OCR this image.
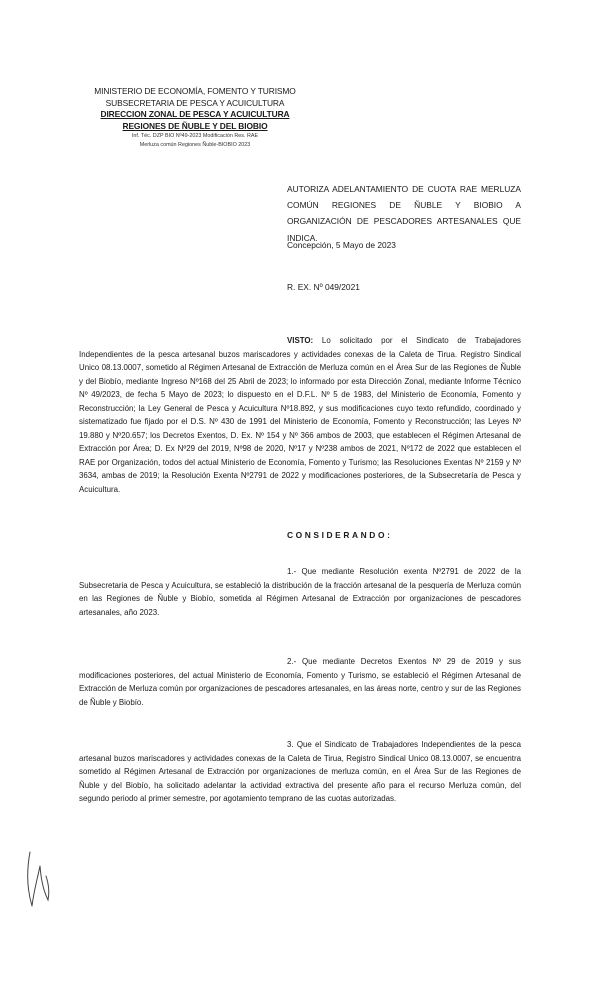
MINISTERIO DE ECONOMÍA, FOMENTO Y TURISMO
SUBSECRETARIA DE PESCA Y ACUICULTURA
DIRECCION ZONAL DE PESCA Y ACUICULTURA
REGIONES DE ÑUBLE Y DEL BIOBIO
Inf. Téc. DZP BIO Nº49-2023 Modificación Res. RAE
Merluza común Regiones Ñuble-BIOBIO 2023
AUTORIZA ADELANTAMIENTO DE CUOTA RAE MERLUZA COMÚN REGIONES DE ÑUBLE Y BIOBIO A ORGANIZACIÓN DE PESCADORES ARTESANALES QUE INDICA.
Concepción, 5 Mayo de 2023
R. EX. Nº 049/2021
VISTO: Lo solicitado por el Sindicato de Trabajadores Independientes de la pesca artesanal buzos mariscadores y actividades conexas de la Caleta de Tirua. Registro Sindical Unico 08.13.0007, sometido al Régimen Artesanal de Extracción de Merluza común en el Área Sur de las Regiones de Ñuble y del Biobío, mediante Ingreso Nº168 del 25 Abril de 2023; lo informado por esta Dirección Zonal, mediante Informe Técnico Nº 49/2023, de fecha 5 Mayo de 2023; lo dispuesto en el D.F.L. Nº 5 de 1983, del Ministerio de Economía, Fomento y Reconstrucción; la Ley General de Pesca y Acuicultura Nº18.892, y sus modificaciones cuyo texto refundido, coordinado y sistematizado fue fijado por el D.S. Nº 430 de 1991 del Ministerio de Economía, Fomento y Reconstrucción; las Leyes Nº 19.880 y Nº20.657; los Decretos Exentos, D. Ex. Nº 154 y Nº 366 ambos de 2003, que establecen el Régimen Artesanal de Extracción por Área; D. Ex Nº29 del 2019, Nº98 de 2020, Nº17 y Nº238 ambos de 2021, Nº172 de 2022 que establecen el RAE por Organización, todos del actual Ministerio de Economía, Fomento y Turismo; las Resoluciones Exentas Nº 2159 y Nº 3634, ambas de 2019; la Resolución Exenta Nº2791 de 2022 y modificaciones posteriores, de la Subsecretaría de Pesca y Acuicultura.
CONSIDERANDO:
1.- Que mediante Resolución exenta Nº2791 de 2022 de la Subsecretaria de Pesca y Acuicultura, se estableció la distribución de la fracción artesanal de la pesquería de Merluza común en las Regiones de Ñuble y Biobío, sometida al Régimen Artesanal de Extracción por organizaciones de pescadores artesanales, año 2023.
2.- Que mediante Decretos Exentos Nº 29 de 2019 y sus modificaciones posteriores, del actual Ministerio de Economía, Fomento y Turismo, se estableció el Régimen Artesanal de Extracción de Merluza común por organizaciones de pescadores artesanales, en las áreas norte, centro y sur de las Regiones de Ñuble y Biobío.
3. Que el Sindicato de Trabajadores Independientes de la pesca artesanal buzos mariscadores y actividades conexas de la Caleta de Tirua, Registro Sindical Unico 08.13.0007, se encuentra sometido al Régimen Artesanal de Extracción por organizaciones de merluza común, en el Área Sur de las Regiones de Ñuble y del Biobío, ha solicitado adelantar la actividad extractiva del presente año para el recurso Merluza común, del segundo periodo al primer semestre, por agotamiento temprano de las cuotas autorizadas.
